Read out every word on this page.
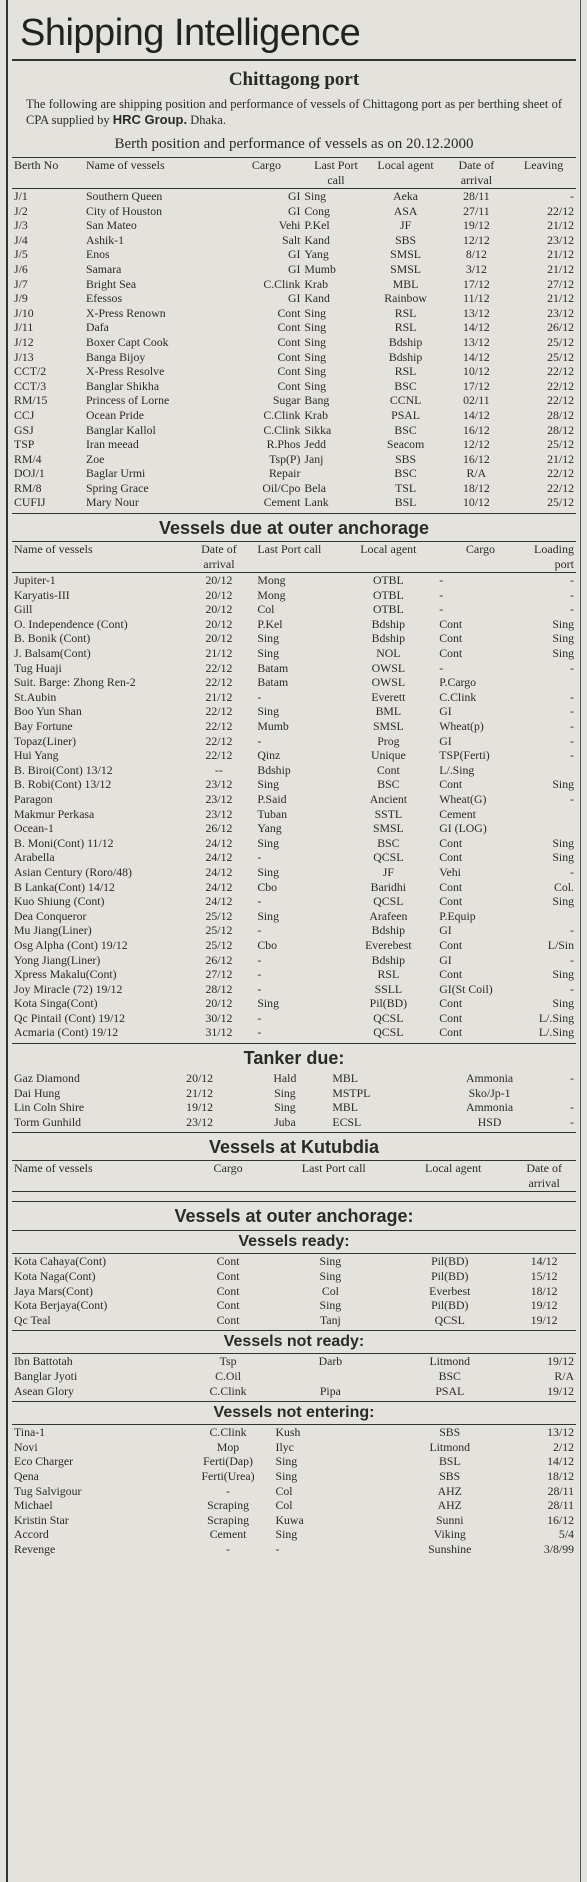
Shipping Intelligence
Chittagong port
The following are shipping position and performance of vessels of Chittagong port as per berthing sheet of CPA supplied by HRC Group. Dhaka.
Berth position and performance of vessels as on 20.12.2000
Berth No	Name of vessels	Cargo	Last Port call	Local agent	Date of arrival	Leaving
J/1	Southern Queen	GI	Sing	Aeka	28/11	-
J/2	City of Houston	GI	Cong	ASA	27/11	22/12
J/3	San Mateo	Vehi	P.Kel	JF	19/12	21/12
J/4	Ashik-1	Salt	Kand	SBS	12/12	23/12
J/5	Enos	GI	Yang	SMSL	8/12	21/12
J/6	Samara	GI	Mumb	SMSL	3/12	21/12
J/7	Bright Sea	C.Clink	Krab	MBL	17/12	27/12
J/9	Efessos	GI	Kand	Rainbow	11/12	21/12
J/10	X-Press Renown	Cont	Sing	RSL	13/12	23/12
J/11	Dafa	Cont	Sing	RSL	14/12	26/12
J/12	Boxer Capt Cook	Cont	Sing	Bdship	13/12	25/12
J/13	Banga Bijoy	Cont	Sing	Bdship	14/12	25/12
CCT/2	X-Press Resolve	Cont	Sing	RSL	10/12	22/12
CCT/3	Banglar Shikha	Cont	Sing	BSC	17/12	22/12
RM/15	Princess of Lorne	Sugar	Bang	CCNL	02/11	22/12
CCJ	Ocean Pride	C.Clink	Krab	PSAL	14/12	28/12
GSJ	Banglar Kallol	C.Clink	Sikka	BSC	16/12	28/12
TSP	Iran meead	R.Phos	Jedd	Seacom	12/12	25/12
RM/4	Zoe	Tsp(P)	Janj	SBS	16/12	21/12
DOJ/1	Baglar Urmi	Repair		BSC	R/A	22/12
RM/8	Spring Grace	Oil/Cpo	Bela	TSL	18/12	22/12
CUFIJ	Mary Nour	Cement	Lank	BSL	10/12	25/12
Vessels due at outer anchorage
Name of vessels	Date of arrival	Last Port call	Local agent	Cargo	Loading port
Jupiter-1	20/12	Mong	OTBL	-	-
Karyatis-III	20/12	Mong	OTBL	-	-
Gill	20/12	Col	OTBL	-	-
O. Independence (Cont)	20/12	P.Kel	Bdship	Cont	Sing
B. Bonik (Cont)	20/12	Sing	Bdship	Cont	Sing
J. Balsam(Cont)	21/12	Sing	NOL	Cont	Sing
Tug Huaji	22/12	Batam	OWSL	-	-
Suit. Barge: Zhong Ren-2	22/12	Batam	OWSL	P.Cargo	
St.Aubin	21/12	-	Everett	C.Clink	-
Boo Yun Shan	22/12	Sing	BML	GI	-
Bay Fortune	22/12	Mumb	SMSL	Wheat(p)	-
Topaz(Liner)	22/12	-	Prog	GI	-
Hui Yang	22/12	Qinz	Unique	TSP(Ferti)	-
B. Biroi(Cont) 13/12	--	Bdship	Cont	L/.Sing	
B. Robi(Cont) 13/12	23/12	Sing	BSC	Cont	Sing
Paragon	23/12	P.Said	Ancient	Wheat(G)	-
Makmur Perkasa	23/12	Tuban	SSTL	Cement	
Ocean-1	26/12	Yang	SMSL	GI (LOG)	
B. Moni(Cont) 11/12	24/12	Sing	BSC	Cont	Sing
Arabella	24/12	-	QCSL	Cont	Sing
Asian Century (Roro/48)	24/12	Sing	JF	Vehi	-
B Lanka(Cont) 14/12	24/12	Cbo	Baridhi	Cont	Col.
Kuo Shiung (Cont)	24/12	-	QCSL	Cont	Sing
Dea Conqueror	25/12	Sing	Arafeen	P.Equip	
Mu Jiang(Liner)	25/12	-	Bdship	GI	-
Osg Alpha (Cont) 19/12	25/12	Cbo	Everebest	Cont	L/Sin
Yong Jiang(Liner)	26/12	-	Bdship	GI	-
Xpress Makalu(Cont)	27/12	-	RSL	Cont	Sing
Joy Miracle (72) 19/12	28/12	-	SSLL	GI(St Coil)	-
Kota Singa(Cont)	20/12	Sing	Pil(BD)	Cont	Sing
Qc Pintail (Cont) 19/12	30/12	-	QCSL	Cont	L/.Sing
Acmaria (Cont) 19/12	31/12	-	QCSL	Cont	L/.Sing
Tanker due:
Gaz Diamond	20/12	Hald	MBL	Ammonia	-
Dai Hung	21/12	Sing	MSTPL	Sko/Jp-1	
Lin Coln Shire	19/12	Sing	MBL	Ammonia	-
Torm Gunhild	23/12	Juba	ECSL	HSD	-
Vessels at Kutubdia
Name of vessels	Cargo	Last Port call	Local agent	Date of arrival
Vessels at outer anchorage:
Vessels ready:
Kota Cahaya(Cont)	Cont	Sing	Pil(BD)	14/12
Kota Naga(Cont)	Cont	Sing	Pil(BD)	15/12
Jaya Mars(Cont)	Cont	Col	Everbest	18/12
Kota Berjaya(Cont)	Cont	Sing	Pil(BD)	19/12
Qc Teal	Cont	Tanj	QCSL	19/12
Vessels not ready:
Ibn Battotah	Tsp	Darb	Litmond	19/12
Banglar Jyoti	C.Oil		BSC	R/A
Asean Glory	C.Clink	Pipa	PSAL	19/12
Vessels not entering:
Tina-1	C.Clink	Kush	SBS	13/12
Novi	Mop	Ilyc	Litmond	2/12
Eco Charger	Ferti(Dap)	Sing	BSL	14/12
Qena	Ferti(Urea)	Sing	SBS	18/12
Tug Salvigour	-	Col	AHZ	28/11
Michael	Scraping	Col	AHZ	28/11
Kristin Star	Scraping	Kuwa	Sunni	16/12
Accord	Cement	Sing	Viking	5/4
Revenge	-	-	Sunshine	3/8/99
